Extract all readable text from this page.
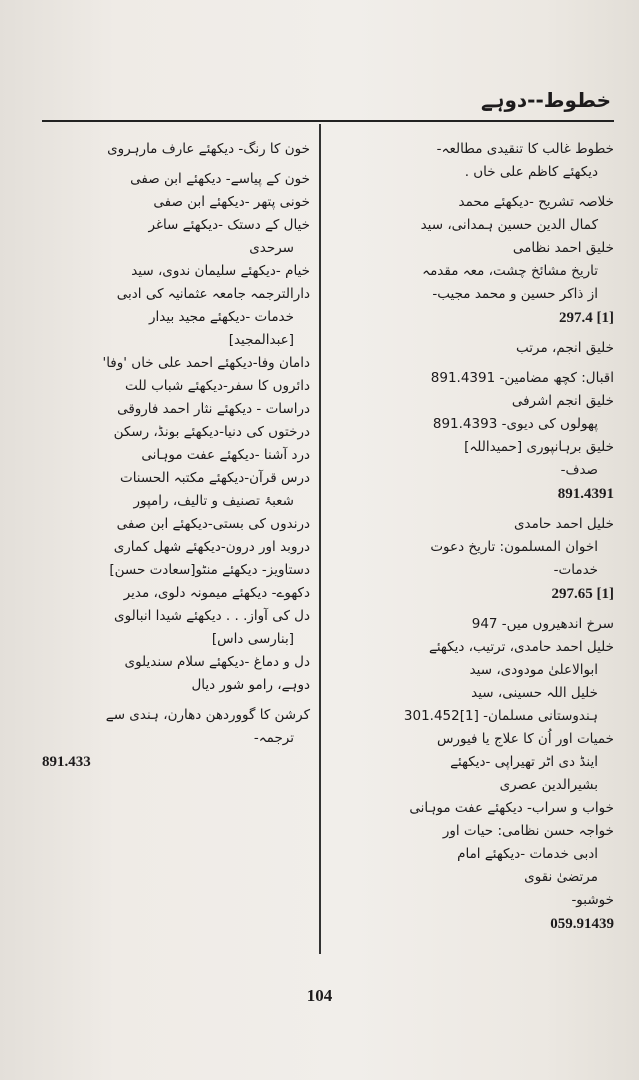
خطوط--دوہے
خطوط غالب کا تنقیدی مطالعہ-
دیکھئے کاظم علی خاں .
خلاصہ تشریح -دیکھئے محمد
کمال الدین حسین ہمدانی، سید
خلیق احمد نظامی
تاریخ مشائخ چشت، معہ مقدمہ
از ذاکر حسین و محمد مجیب-
297.4 [1]
خلیق انجم، مرتب
اقبال: کچھ مضامین- 891.4391
خلیق انجم اشرفی
پھولوں کی دیوی- 891.4393
خلیق برہانپوری [حمیداللہ]
صدف-
891.4391
خلیل احمد حامدی
اخوان المسلمون: تاریخ دعوت
خدمات-
297.65 [1]
سرخ اندھیروں میں- 947
خلیل احمد حامدی، ترتیب، دیکھئے
ابوالاعلیٰ مودودی، سید
خلیل اللہ حسینی، سید
ہندوستانی مسلمان- [1]301.452
خمیات اور اُن کا علاج یا فیورس
اینڈ دی اٹر تھیراپی -دیکھئے
بشیرالدین عصری
خواب و سراب- دیکھئے عفت موہانی
خواجہ حسن نظامی: حیات اور
ادبی خدمات -دیکھئے امام
مرتضیٰ نقوی
خوشبو-
059.91439
خون کا رنگ- دیکھئے عارف مارہروی
خون کے پیاسے- دیکھئے ابن صفی
خونی پتھر -دیکھئے ابن صفی
خیال کے دستک -دیکھئے ساغر
سرحدی
خیام -دیکھئے سلیمان ندوی، سید
دارالترجمہ جامعہ عثمانیہ کی ادبی
خدمات -دیکھئے مجید بیدار
[عبدالمجید]
دامان وفا-دیکھئے احمد علی خاں 'وفا'
دائروں کا سفر-دیکھئے شباب للت
دراسات - دیکھئے نثار احمد فاروقی
درختوں کی دنیا-دیکھئے بونڈ، رسکن
درد آشنا -دیکھئے عفت موہانی
درس قرآن-دیکھئے مکتبہ الحسنات
شعبۂ تصنیف و تالیف، رامپور
درندوں کی بستی-دیکھئے ابن صفی
دروبد اور درون-دیکھئے شھل کماری
دستاویز- دیکھئے منٹو[سعادت حسن]
دکھوے- دیکھئے میمونہ دلوی، مدیر
دل کی آواز. . . دیکھئے شیدا انبالوی
[بنارسی داس]
دل و دماغ -دیکھئے سلام سندیلوی
دوہے، رامو شور دیال
کرشن کا گووردھن دھارن، ہندی سے
ترجمہ-
891.433
104
